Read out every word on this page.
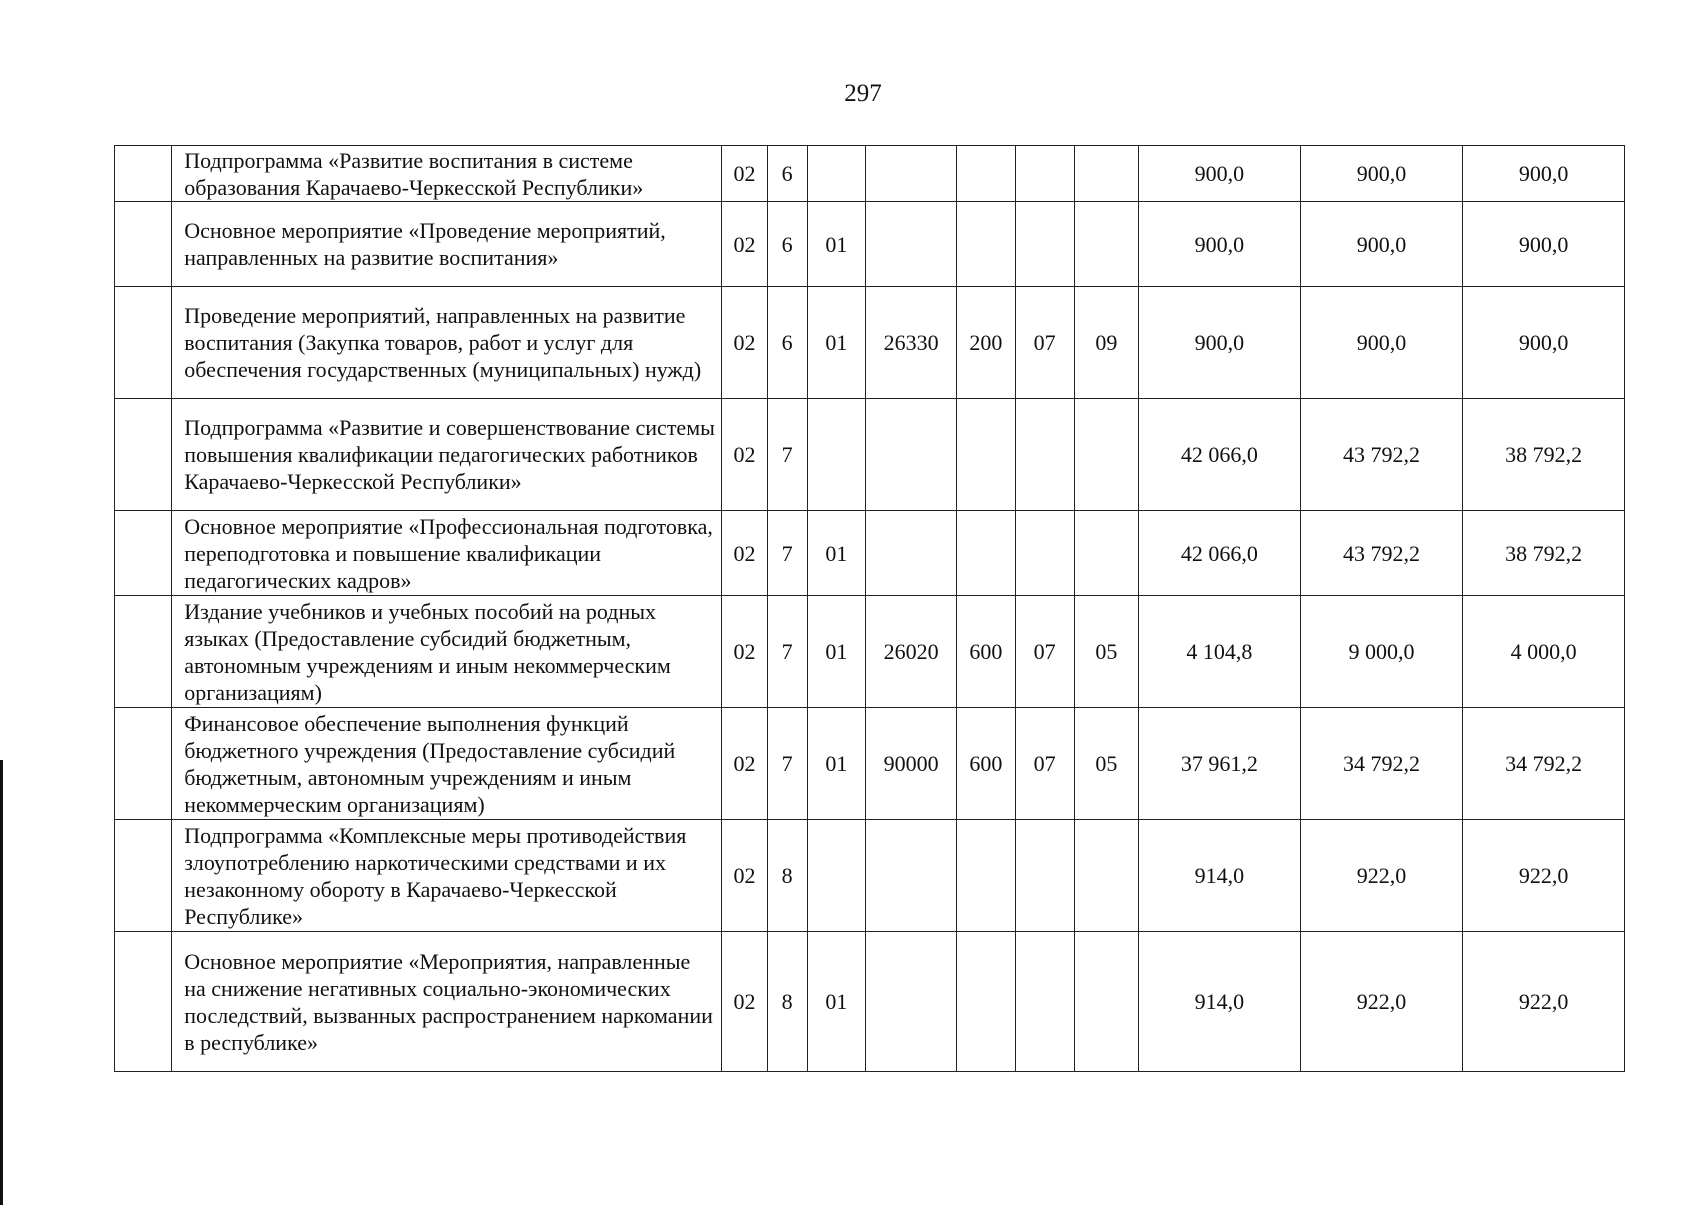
297
	Подпрограмма «Развитие воспитания в системе образования Карачаево-Черкесской Республики»	02	6						900,0	900,0	900,0
	Основное мероприятие «Проведение мероприятий, направленных на развитие воспитания»	02	6	01					900,0	900,0	900,0
	Проведение мероприятий, направленных на развитие воспитания (Закупка товаров, работ и услуг для обеспечения государственных (муниципальных) нужд)	02	6	01	26330	200	07	09	900,0	900,0	900,0
	Подпрограмма «Развитие и совершенствование системы повышения квалификации педагогических работников Карачаево-Черкесской Республики»	02	7						42 066,0	43 792,2	38 792,2
	Основное мероприятие «Профессиональная подготовка, переподготовка и повышение квалификации педагогических кадров»	02	7	01					42 066,0	43 792,2	38 792,2
	Издание учебников и учебных пособий на родных языках (Предоставление субсидий бюджетным, автономным учреждениям и иным некоммерческим организациям)	02	7	01	26020	600	07	05	4 104,8	9 000,0	4 000,0
	Финансовое обеспечение выполнения функций бюджетного учреждения (Предоставление субсидий бюджетным, автономным учреждениям и иным некоммерческим организациям)	02	7	01	90000	600	07	05	37 961,2	34 792,2	34 792,2
	Подпрограмма «Комплексные меры противодействия злоупотреблению наркотическими средствами и их незаконному обороту в Карачаево-Черкесской Республике»	02	8						914,0	922,0	922,0
	Основное мероприятие «Мероприятия, направленные на снижение негативных социально-экономических последствий, вызванных распространением наркомании в республике»	02	8	01					914,0	922,0	922,0
